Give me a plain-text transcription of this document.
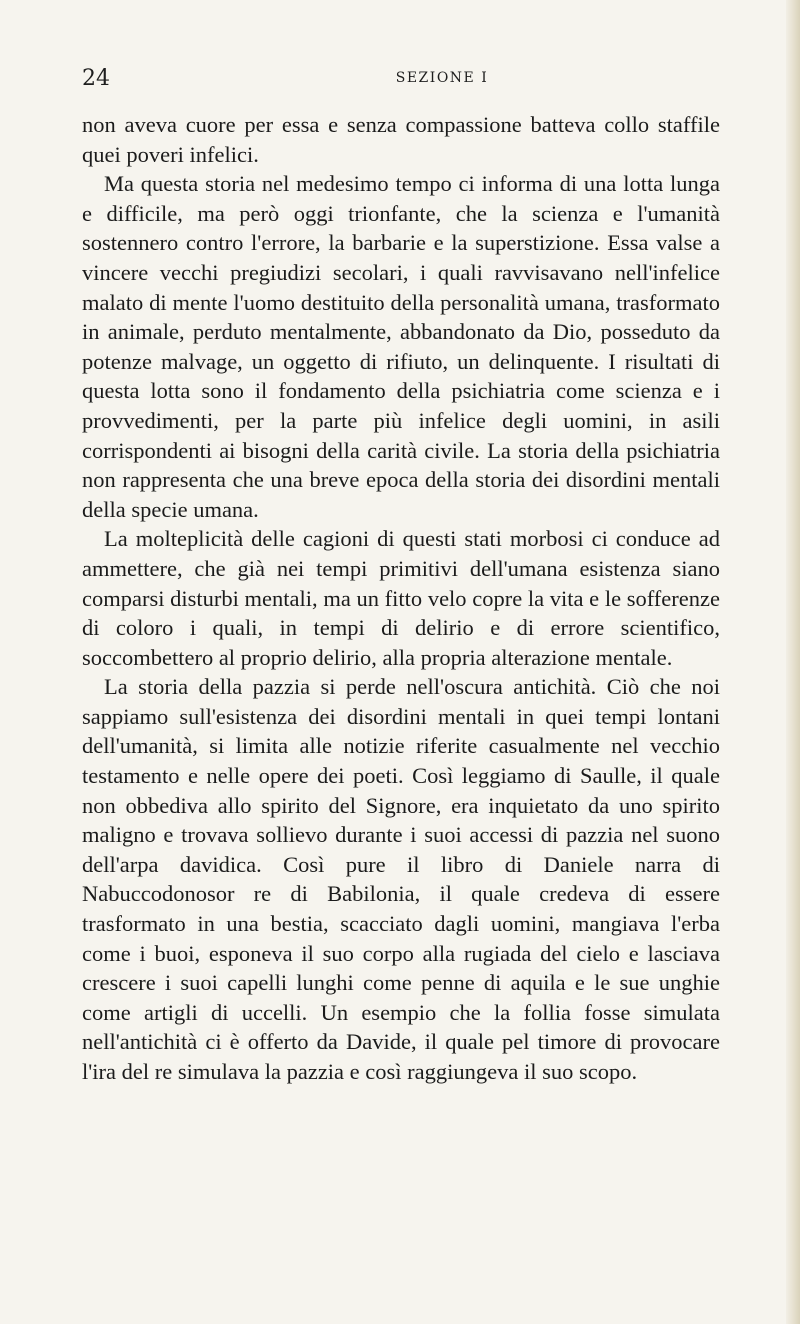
24	SEZIONE I

non aveva cuore per essa e senza compassione batteva collo staffile quei poveri infelici.

Ma questa storia nel medesimo tempo ci informa di una lotta lunga e difficile, ma però oggi trionfante, che la scienza e l'umanità sostennero contro l'errore, la barbarie e la superstizione. Essa valse a vincere vecchi pregiudizi secolari, i quali ravvisavano nell'infelice malato di mente l'uomo destituito della personalità umana, trasformato in animale, perduto mentalmente, abbandonato da Dio, posseduto da potenze malvage, un oggetto di rifiuto, un delinquente. I risultati di questa lotta sono il fondamento della psichiatria come scienza e i provvedimenti, per la parte più infelice degli uomini, in asili corrispondenti ai bisogni della carità civile. La storia della psichiatria non rappresenta che una breve epoca della storia dei disordini mentali della specie umana.

La molteplicità delle cagioni di questi stati morbosi ci conduce ad ammettere, che già nei tempi primitivi dell'umana esistenza siano comparsi disturbi mentali, ma un fitto velo copre la vita e le sofferenze di coloro i quali, in tempi di delirio e di errore scientifico, soccombettero al proprio delirio, alla propria alterazione mentale.

La storia della pazzia si perde nell'oscura antichità. Ciò che noi sappiamo sull'esistenza dei disordini mentali in quei tempi lontani dell'umanità, si limita alle notizie riferite casualmente nel vecchio testamento e nelle opere dei poeti. Così leggiamo di Saulle, il quale non obbediva allo spirito del Signore, era inquietato da uno spirito maligno e trovava sollievo durante i suoi accessi di pazzia nel suono dell'arpa davidica. Così pure il libro di Daniele narra di Nabuccodonosor re di Babilonia, il quale credeva di essere trasformato in una bestia, scacciato dagli uomini, mangiava l'erba come i buoi, esponeva il suo corpo alla rugiada del cielo e lasciava crescere i suoi capelli lunghi come penne di aquila e le sue unghie come artigli di uccelli. Un esempio che la follia fosse simulata nell'antichità ci è offerto da Davide, il quale pel timore di provocare l'ira del re simulava la pazzia e così raggiungeva il suo scopo.
